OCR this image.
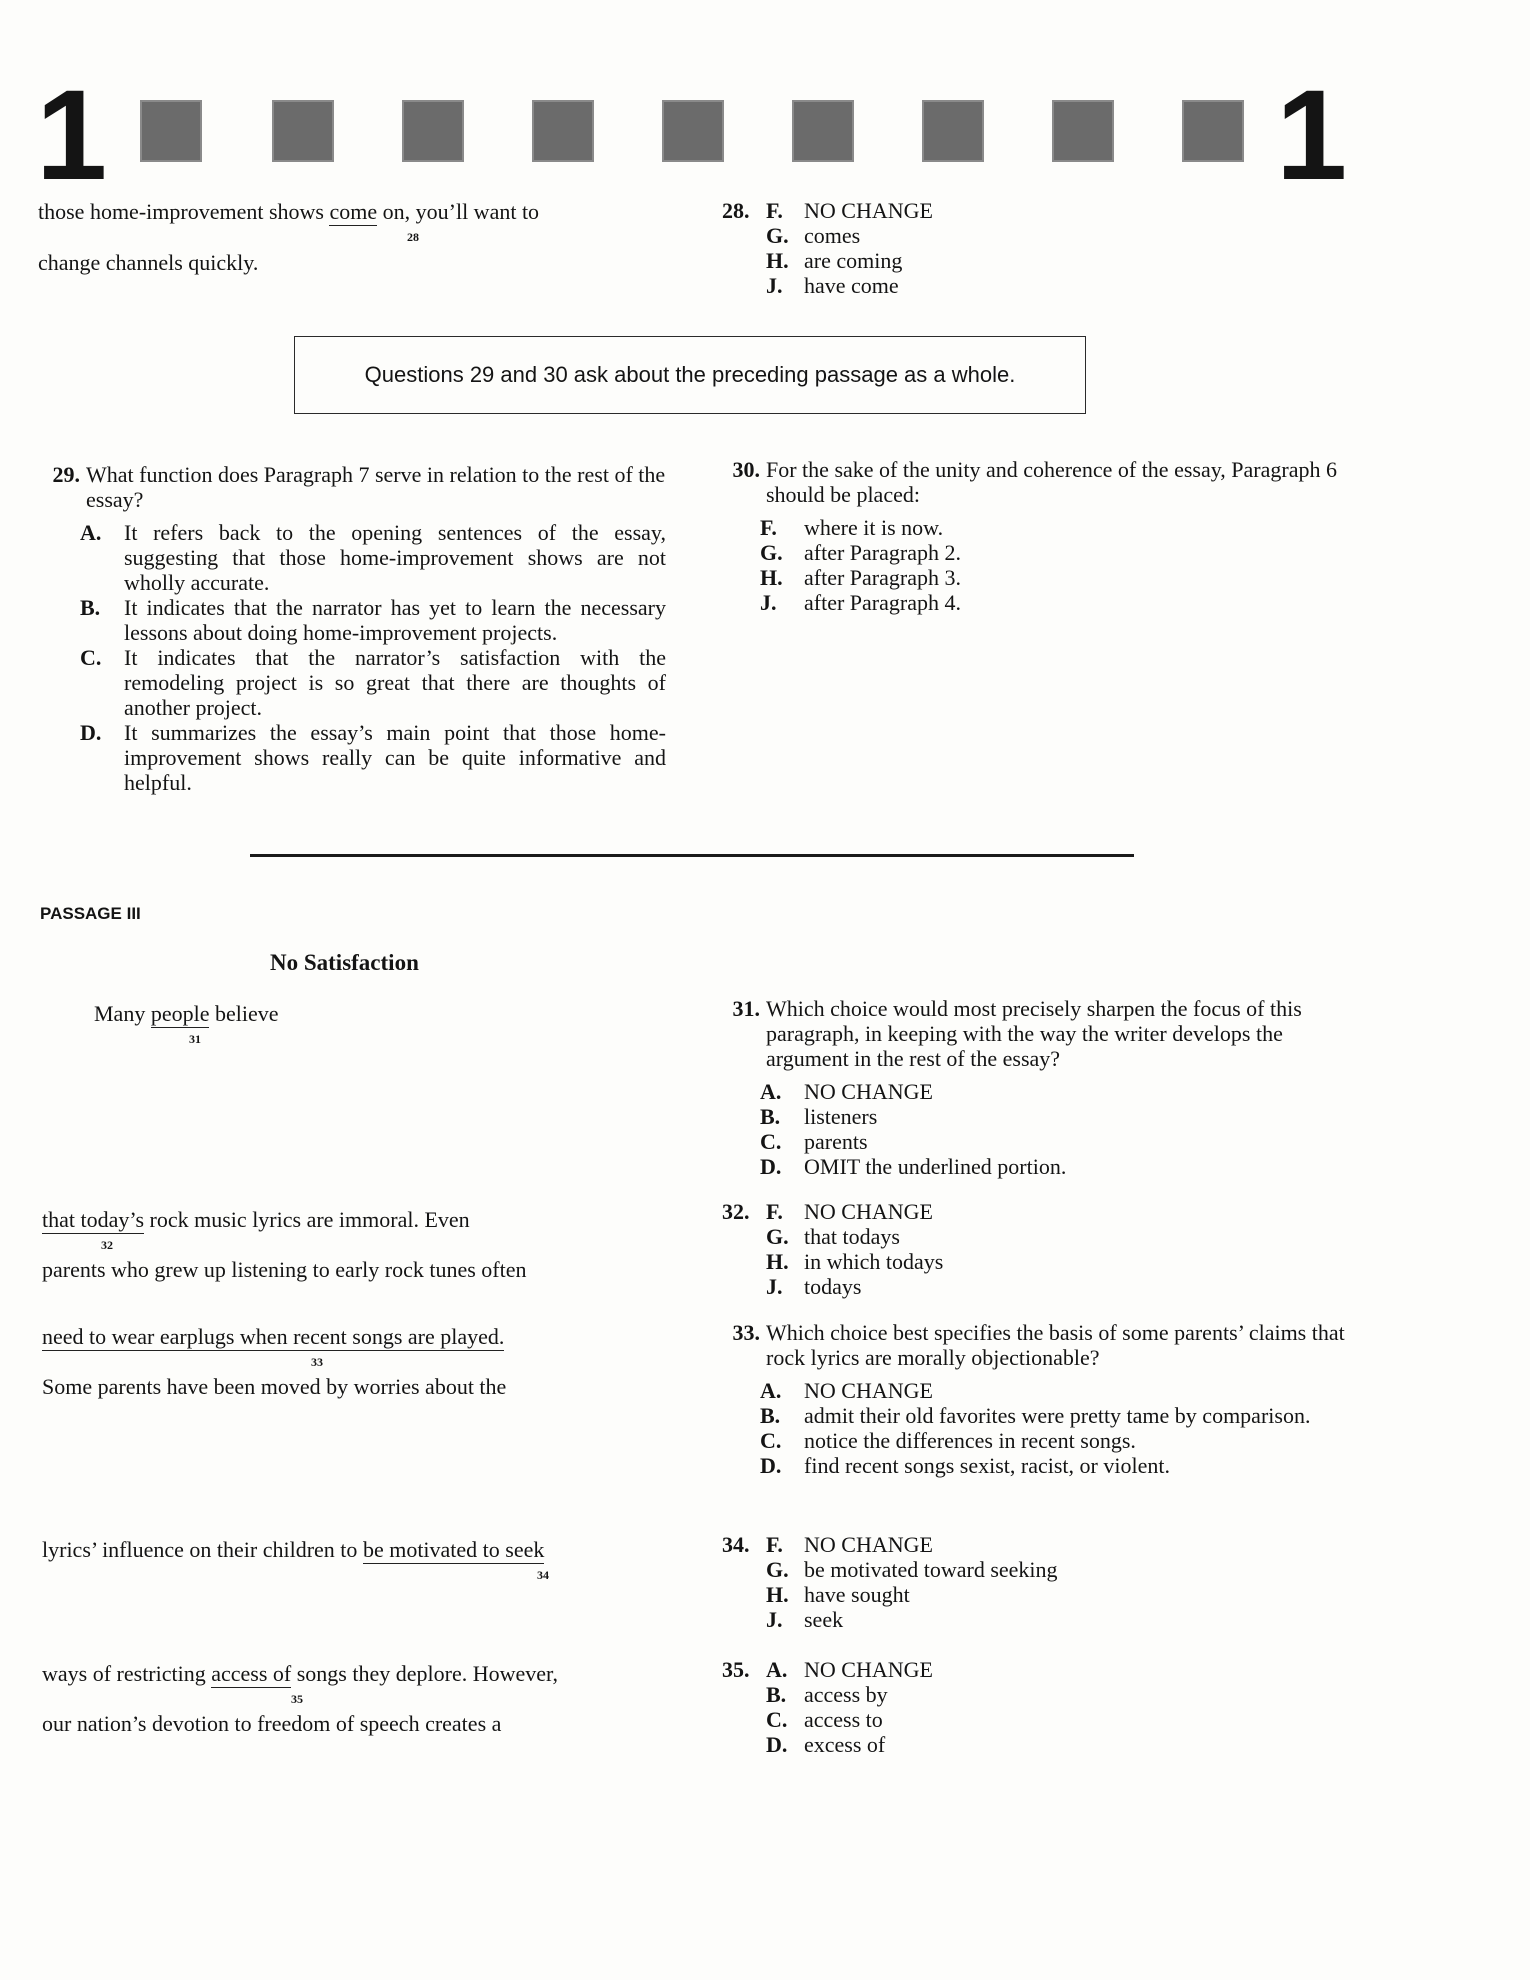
1	1
those home-improvement shows come on, you’ll want to
28
change channels quickly.
28. F. NO CHANGE
G. comes
H. are coming
J. have come
Questions 29 and 30 ask about the preceding passage as a whole.
29. What function does Paragraph 7 serve in relation to the rest of the essay?
A.	It refers back to the opening sentences of the essay, suggesting that those home-improvement shows are not wholly accurate.
B.	It indicates that the narrator has yet to learn the necessary lessons about doing home-improvement projects.
C.	It indicates that the narrator’s satisfaction with the remodeling project is so great that there are thoughts of another project.
D.	It summarizes the essay’s main point that those home-improvement shows really can be quite informative and helpful.
30. For the sake of the unity and coherence of the essay, Paragraph 6 should be placed:
F.	where it is now.
G. after Paragraph 2.
H. after Paragraph 3.
J.	after Paragraph 4.
PASSAGE III
No Satisfaction
Many people believe
31
31. Which choice would most precisely sharpen the focus of this paragraph, in keeping with the way the writer develops the argument in the rest of the essay?
A.	NO CHANGE
B.	listeners
C.	parents
D.	OMIT the underlined portion.
that today’s rock music lyrics are immoral. Even
32
parents who grew up listening to early rock tunes often
32. F. NO CHANGE
G. that todays
H. in which todays
J. todays
need to wear earplugs when recent songs are played.
33
Some parents have been moved by worries about the
33. Which choice best specifies the basis of some parents’ claims that rock lyrics are morally objectionable?
A.	NO CHANGE
B.	admit their old favorites were pretty tame by comparison.
C.	notice the differences in recent songs.
D.	find recent songs sexist, racist, or violent.
lyrics’ influence on their children to be motivated to seek
34
34. F. NO CHANGE
G. be motivated toward seeking
H. have sought
J. seek
ways of restricting access of songs they deplore. However,
35
our nation’s devotion to freedom of speech creates a
35. A. NO CHANGE
B. access by
C. access to
D. excess of
